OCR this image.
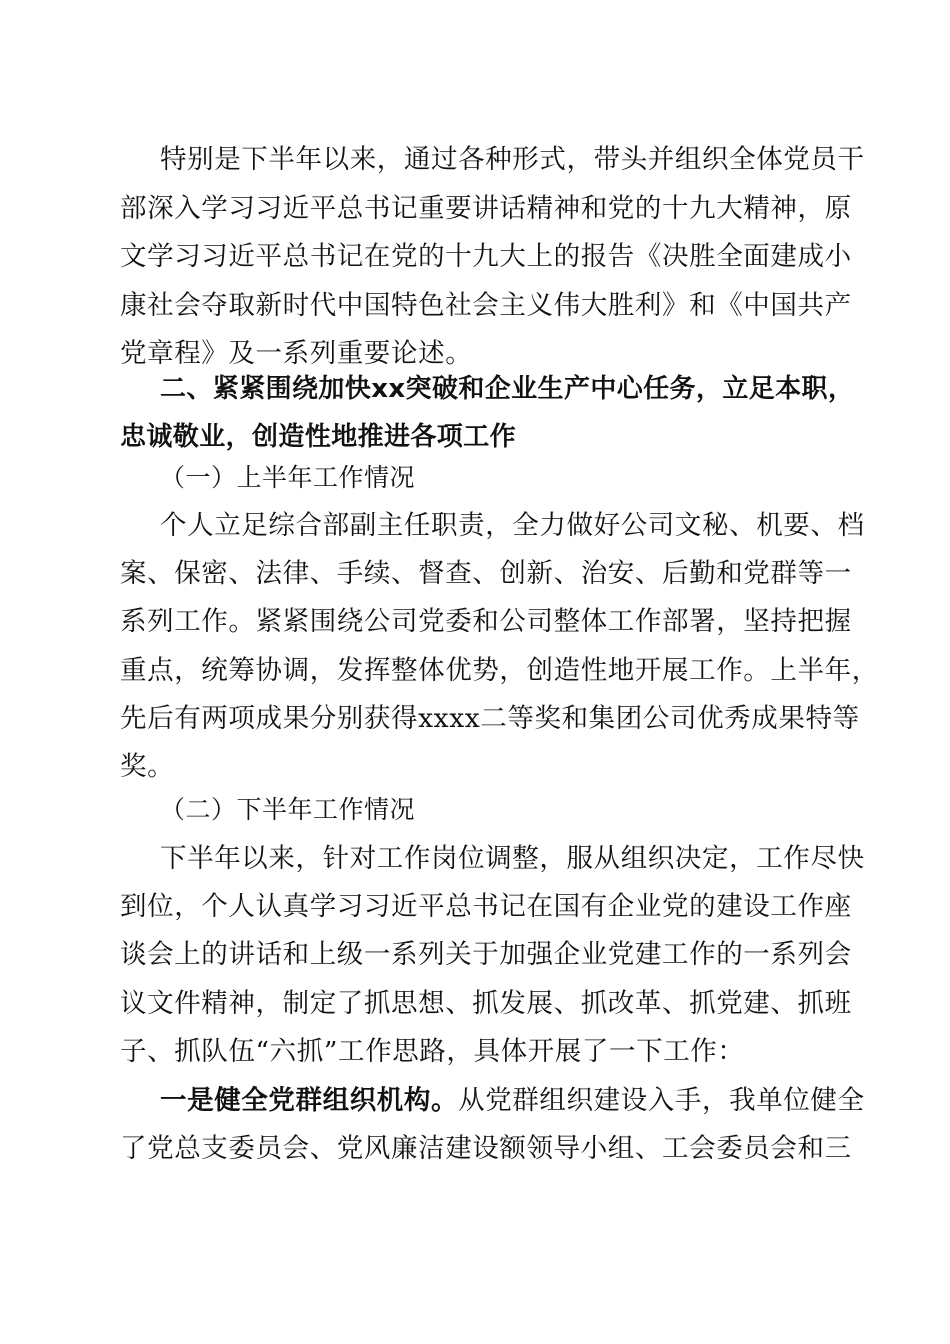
特别是下半年以来，通过各种形式，带头并组织全体党员干

部深入学习习近平总书记重要讲话精神和党的十九大精神，原

文学习习近平总书记在党的十九大上的报告《决胜全面建成小

康社会夺取新时代中国特色社会主义伟大胜利》和《中国共产

党章程》及一系列重要论述。

二、紧紧围绕加快xx突破和企业生产中心任务，立足本职，

忠诚敬业，创造性地推进各项工作

（一）上半年工作情况

个人立足综合部副主任职责，全力做好公司文秘、机要、档

案、保密、法律、手续、督查、创新、治安、后勤和党群等一

系列工作。紧紧围绕公司党委和公司整体工作部署，坚持把握

重点，统筹协调，发挥整体优势，创造性地开展工作。上半年，

先后有两项成果分别获得xxxx二等奖和集团公司优秀成果特等

奖。

（二）下半年工作情况

下半年以来，针对工作岗位调整，服从组织决定，工作尽快

到位，个人认真学习习近平总书记在国有企业党的建设工作座

谈会上的讲话和上级一系列关于加强企业党建工作的一系列会

议文件精神，制定了抓思想、抓发展、抓改革、抓党建、抓班

子、抓队伍“六抓”工作思路，具体开展了一下工作：

一是健全党群组织机构。从党群组织建设入手，我单位健全

了党总支委员会、党风廉洁建设额领导小组、工会委员会和三
